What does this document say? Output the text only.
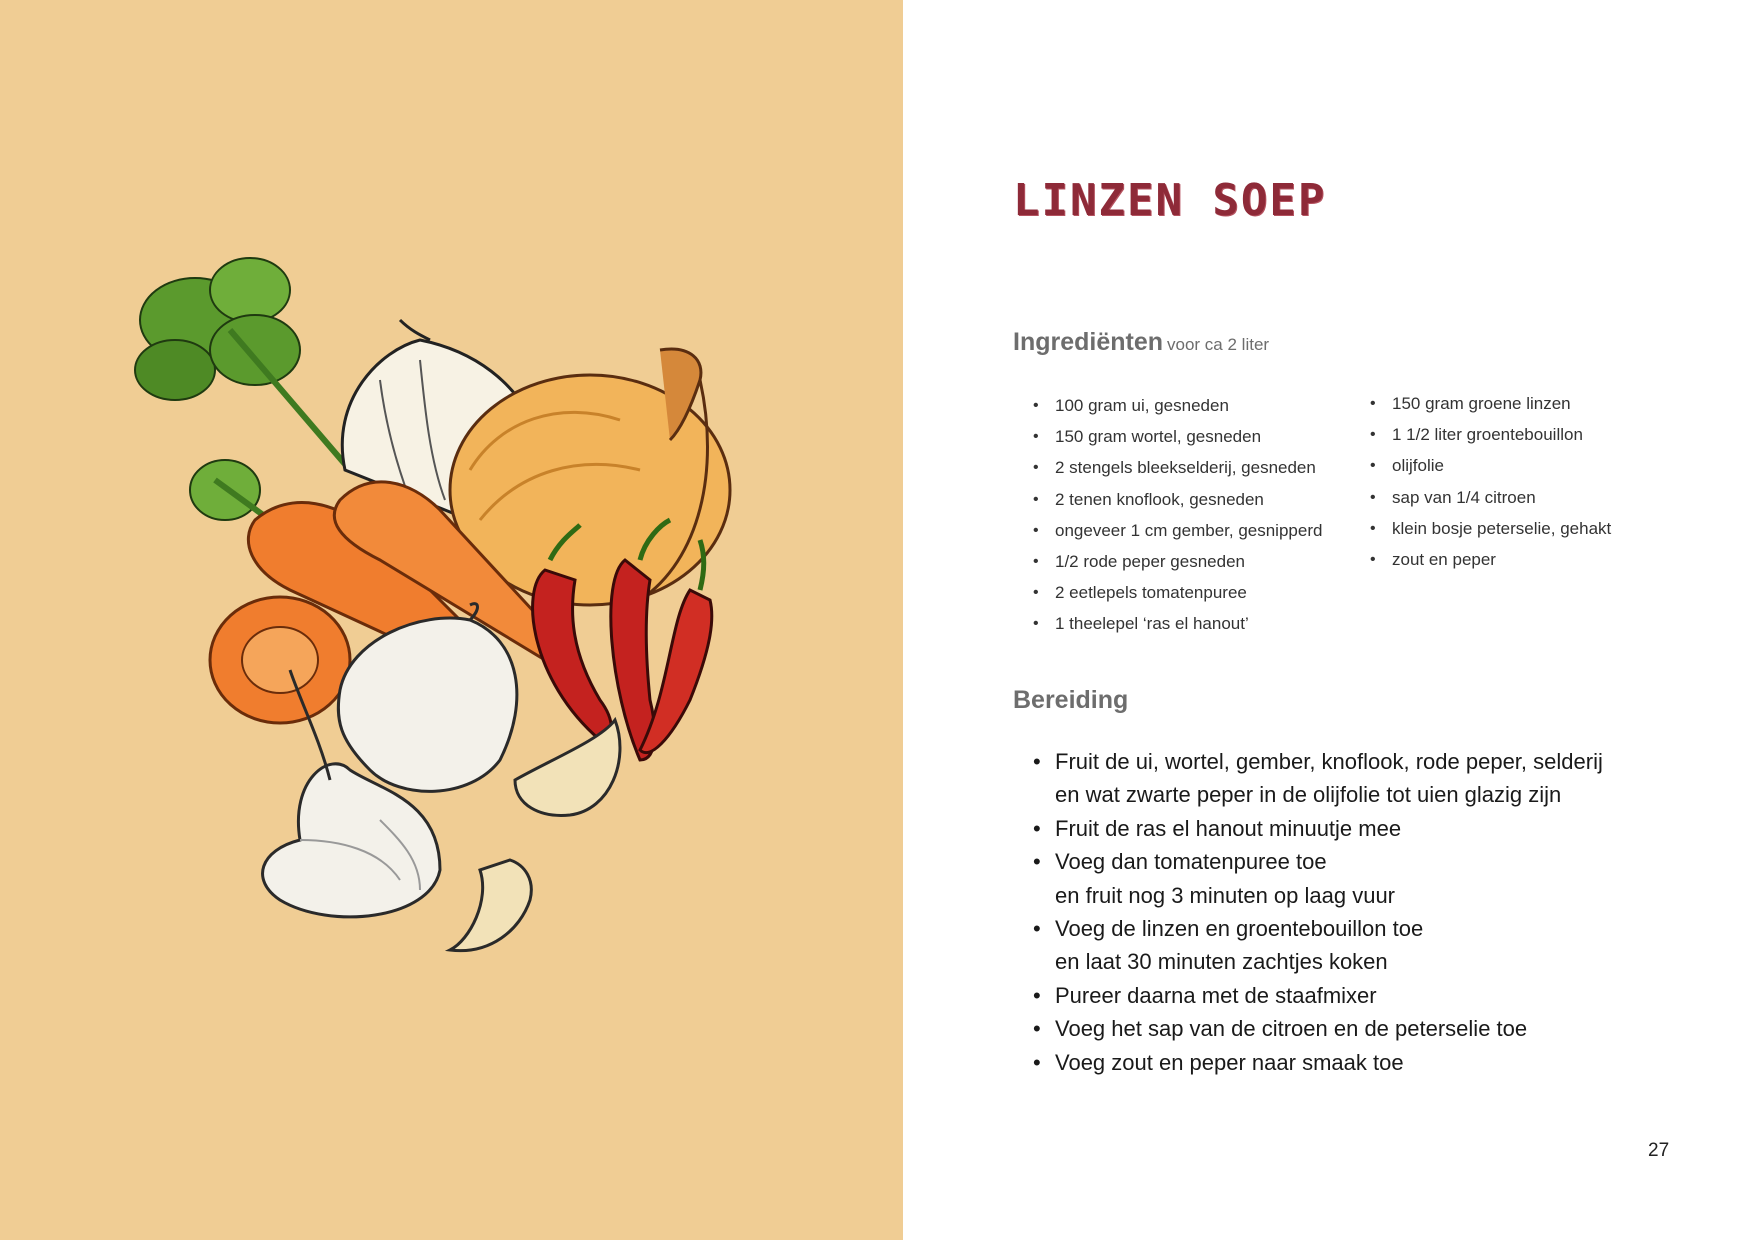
LINZEN SOEP
Ingrediënten voor ca 2 liter
• 100 gram ui, gesneden
• 150 gram wortel, gesneden
• 2 stengels bleekselderij, gesneden
• 2 tenen knoflook, gesneden
• ongeveer 1 cm gember, gesnipperd
• 1/2 rode peper gesneden
• 2 eetlepels tomatenpuree
• 1 theelepel ‘ras el hanout’
• 150 gram groene linzen
• 1 1/2 liter groentebouillon
• olijfolie
• sap van 1/4 citroen
• klein bosje peterselie, gehakt
• zout en peper
Bereiding
• Fruit de ui, wortel, gember, knoflook, rode peper, selderij
en wat zwarte peper in de olijfolie tot uien glazig zijn
• Fruit de ras el hanout minuutje mee
• Voeg dan tomatenpuree toe
en fruit nog 3 minuten op laag vuur
• Voeg de linzen en groentebouillon toe
en laat 30 minuten zachtjes koken
• Pureer daarna met de staafmixer
• Voeg het sap van de citroen en de peterselie toe
• Voeg zout en peper naar smaak toe
27
